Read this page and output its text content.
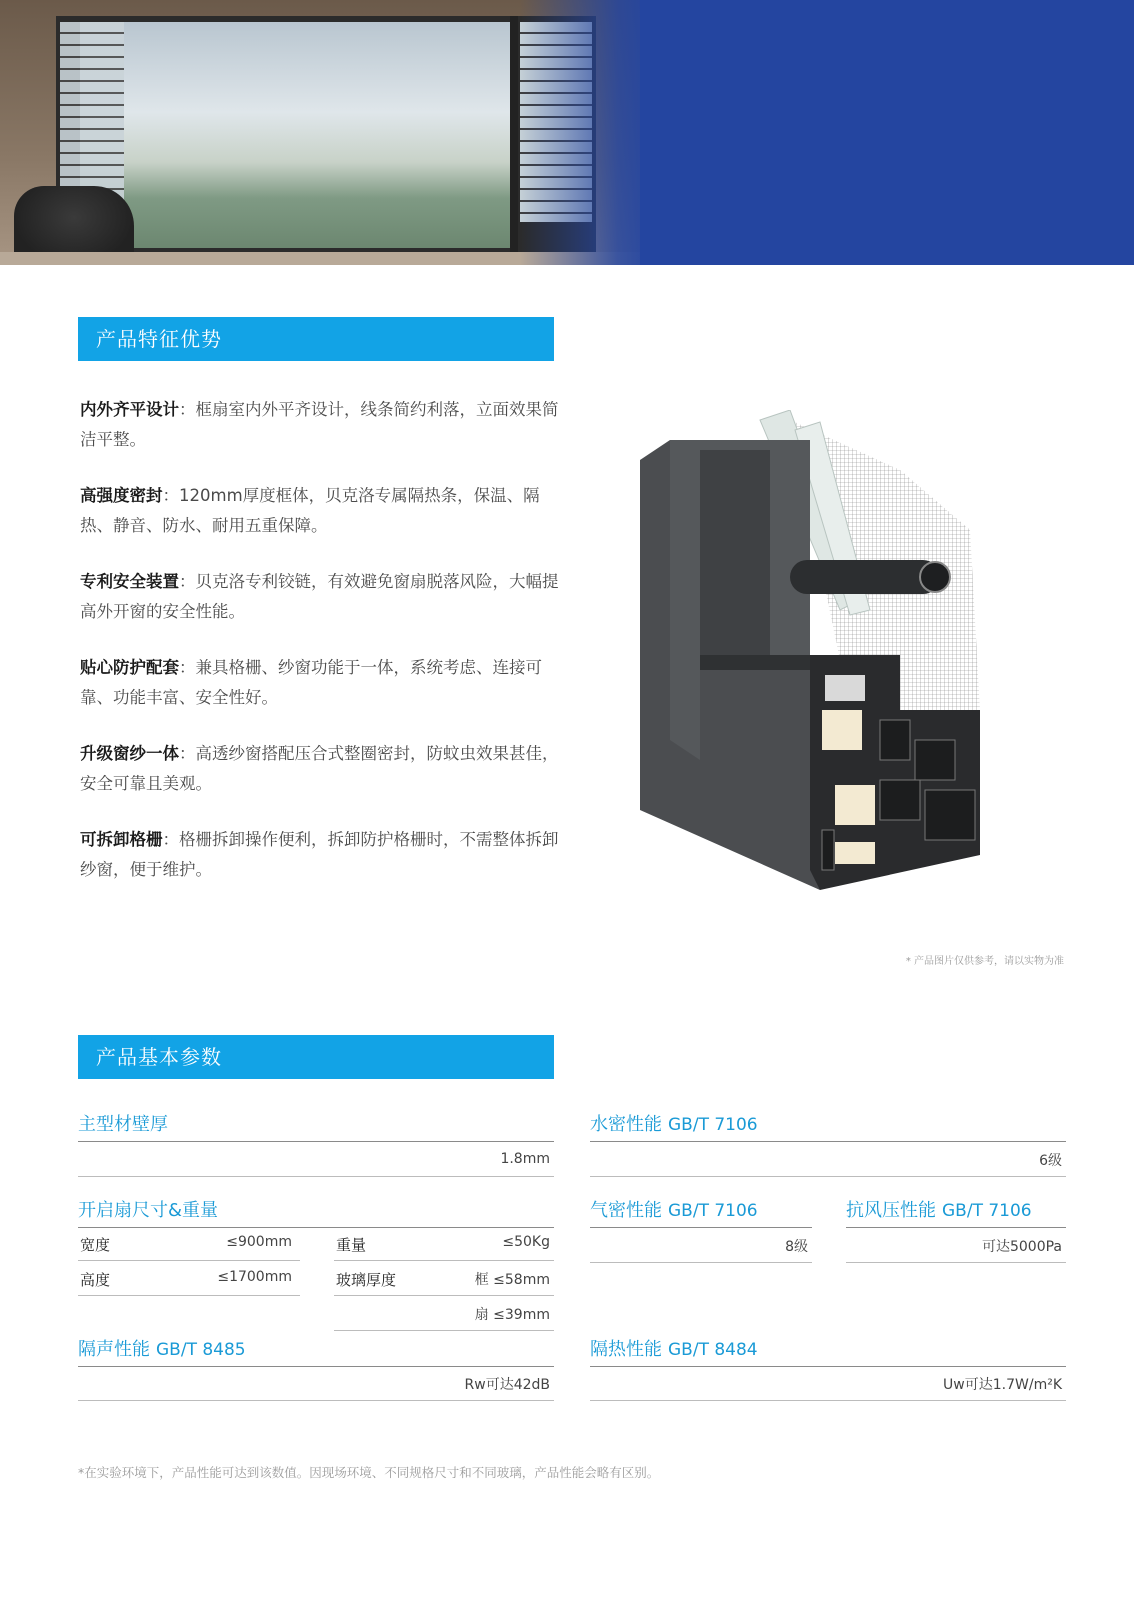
产品特征优势

内外齐平设计：框扇室内外平齐设计，线条简约利落，立面效果简洁平整。

高强度密封：120mm厚度框体，贝克洛专属隔热条，保温、隔热、静音、防水、耐用五重保障。

专利安全装置：贝克洛专利铰链，有效避免窗扇脱落风险，大幅提高外开窗的安全性能。

贴心防护配套：兼具格栅、纱窗功能于一体，系统考虑、连接可靠、功能丰富、安全性好。

升级窗纱一体：高透纱窗搭配压合式整圈密封，防蚊虫效果甚佳，安全可靠且美观。

可拆卸格栅：格栅拆卸操作便利，拆卸防护格栅时，不需整体拆卸纱窗，便于维护。

* 产品图片仅供参考，请以实物为准
产品基本参数
主型材壁厚
1.8mm
开启扇尺寸&重量
宽度	≤900mm	重量	≤50Kg
高度	≤1700mm	玻璃厚度	框 ≤58mm
扇 ≤39mm
隔声性能 GB/T 8485
Rw可达42dB
水密性能 GB/T 7106
6级
气密性能 GB/T 7106
8级
抗风压性能 GB/T 7106
可达5000Pa
隔热性能 GB/T 8484
Uw可达1.7W/m²K
*在实验环境下，产品性能可达到该数值。因现场环境、不同规格尺寸和不同玻璃，产品性能会略有区别。
